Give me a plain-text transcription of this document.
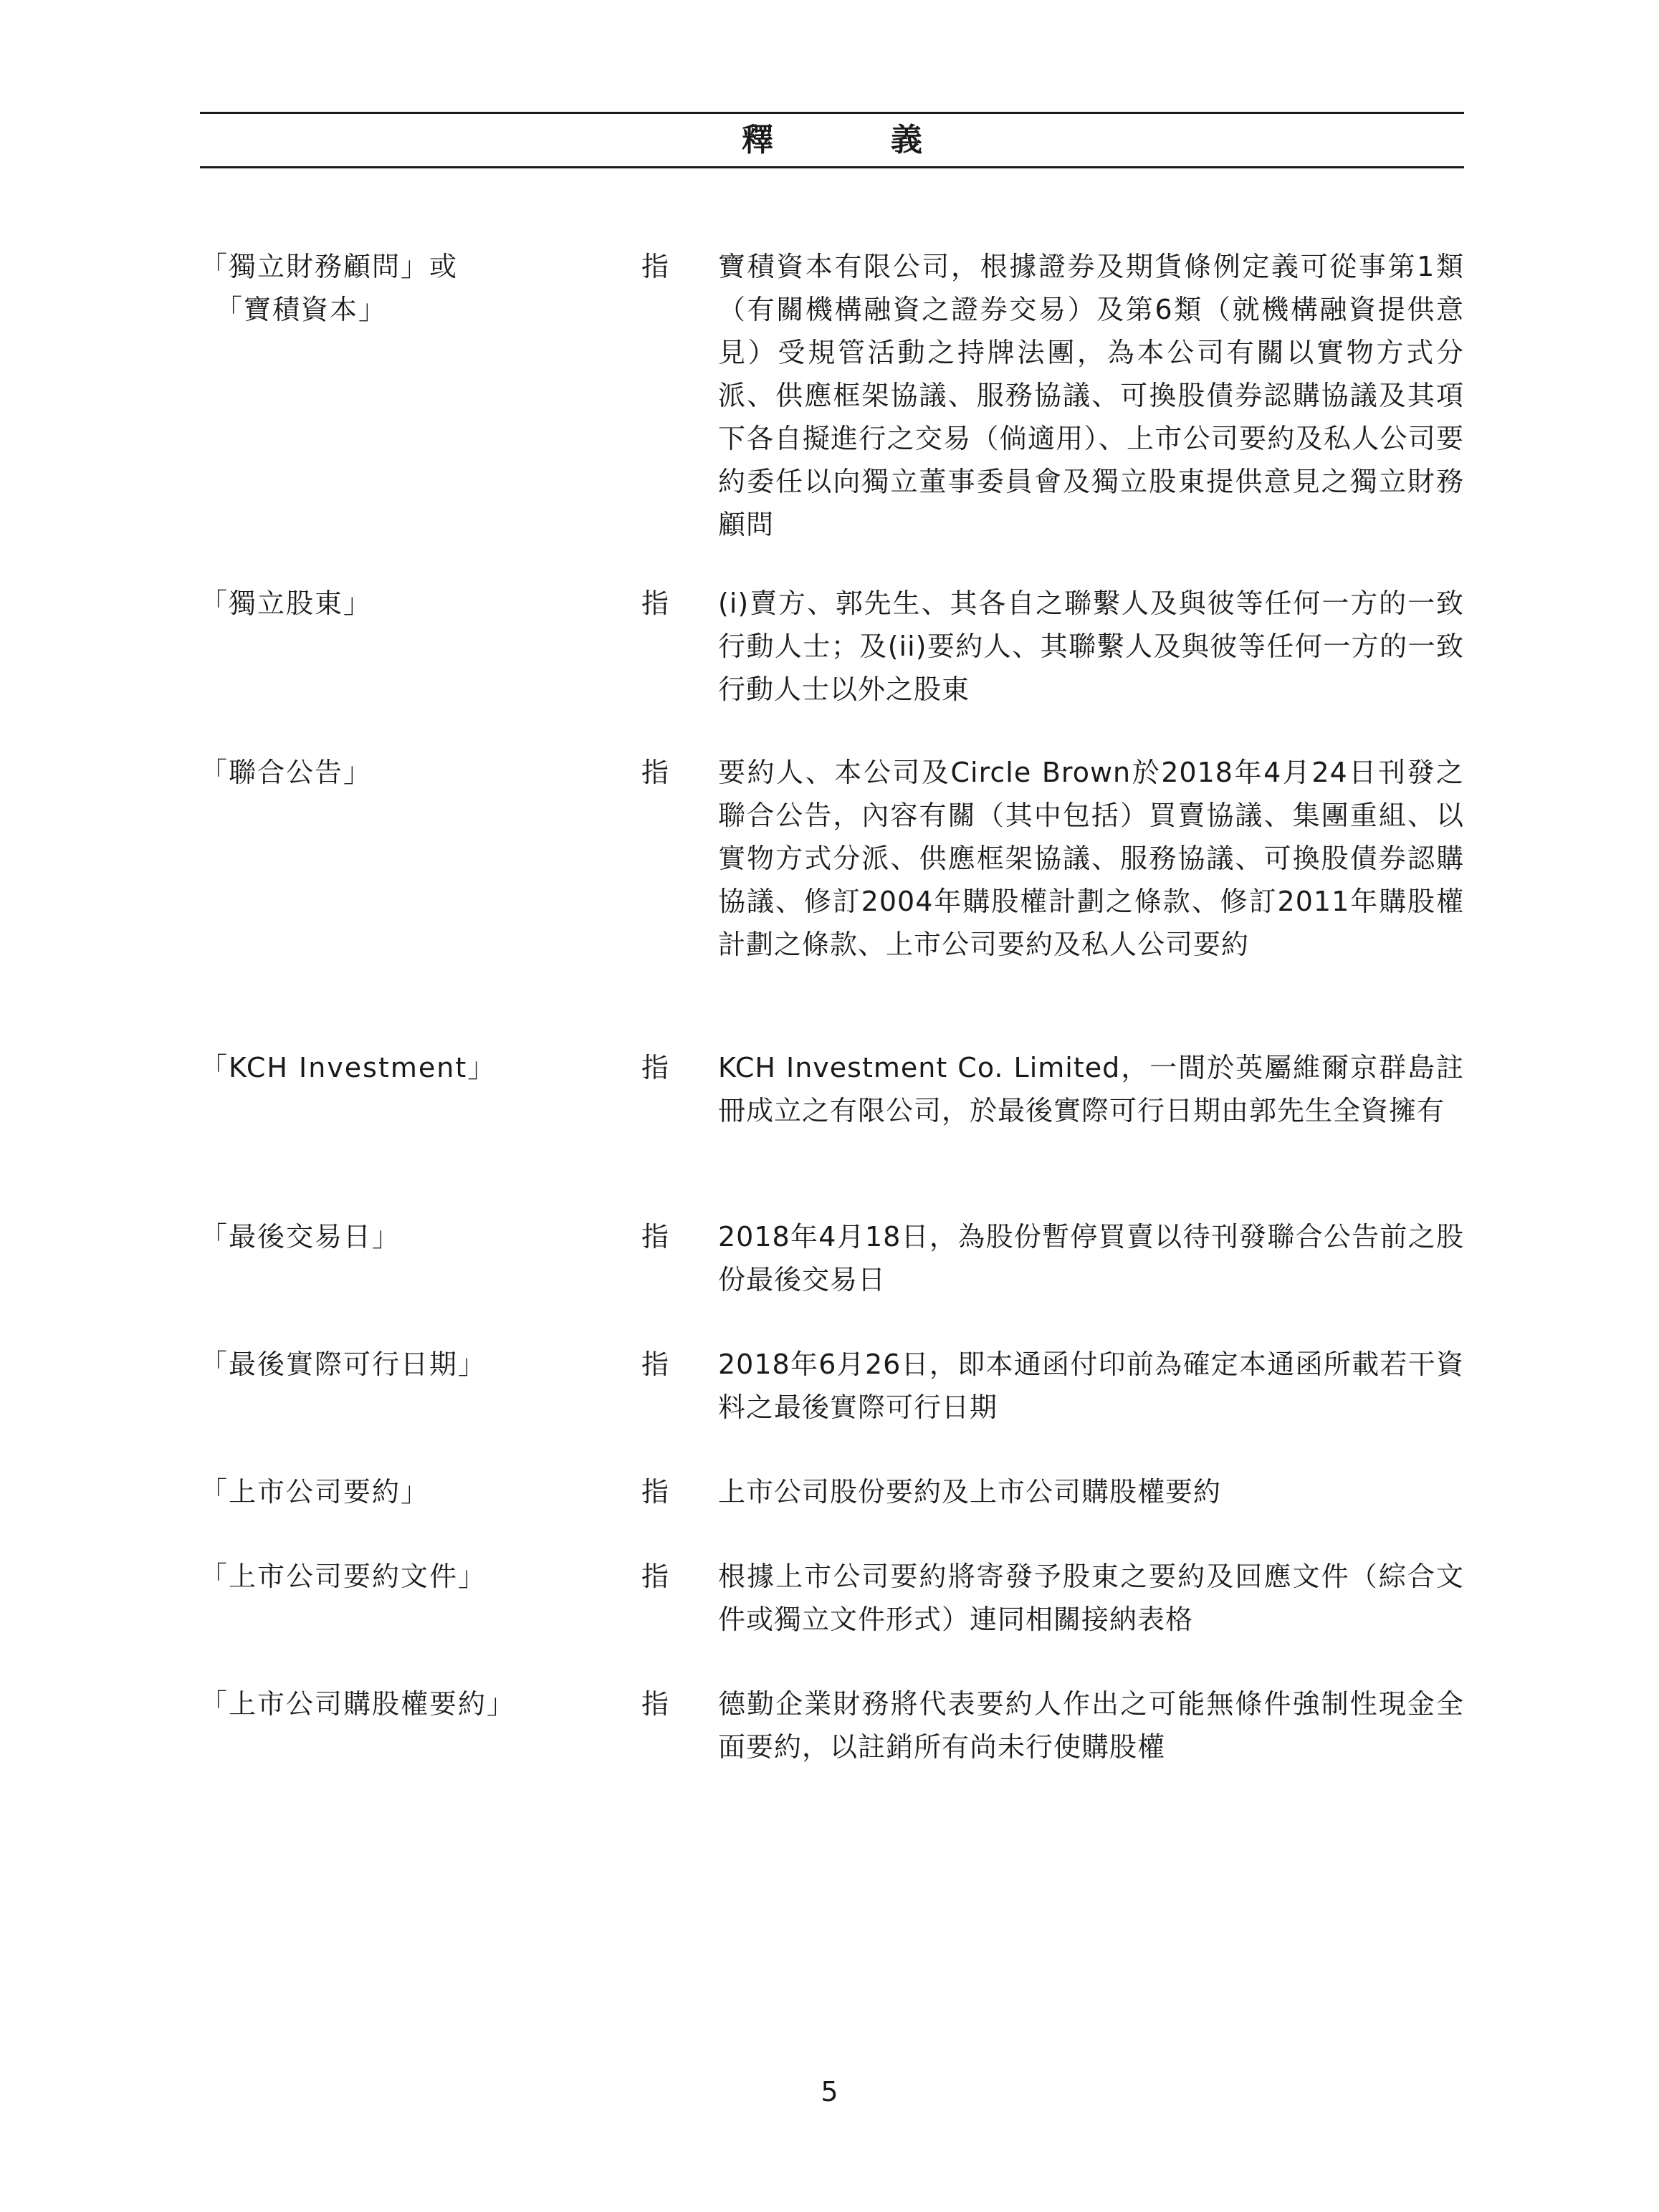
釋　義
「獨立財務顧問」或
　「寶積資本」
指 寶積資本有限公司，根據證券及期貨條例定義可從事第1類（有關機構融資之證券交易）及第6類（就機構融資提供意見）受規管活動之持牌法團，為本公司有關以實物方式分派、供應框架協議、服務協議、可換股債券認購協議及其項下各自擬進行之交易（倘適用）、上市公司要約及私人公司要約委任以向獨立董事委員會及獨立股東提供意見之獨立財務顧問
「獨立股東」	指 (i)賣方、郭先生、其各自之聯繫人及與彼等任何一方的一致行動人士；及(ii)要約人、其聯繫人及與彼等任何一方的一致行動人士以外之股東
「聯合公告」	指 要約人、本公司及Circle Brown於2018年4月24日刊發之聯合公告，內容有關（其中包括）買賣協議、集團重組、以實物方式分派、供應框架協議、服務協議、可換股債券認購協議、修訂2004年購股權計劃之條款、修訂2011年購股權計劃之條款、上市公司要約及私人公司要約
「KCH Investment」	指 KCH Investment Co. Limited，一間於英屬維爾京群島註冊成立之有限公司，於最後實際可行日期由郭先生全資擁有
「最後交易日」	指 2018年4月18日，為股份暫停買賣以待刊發聯合公告前之股份最後交易日
「最後實際可行日期」	指 2018年6月26日，即本通函付印前為確定本通函所載若干資料之最後實際可行日期
「上市公司要約」	指 上市公司股份要約及上市公司購股權要約
「上市公司要約文件」	指 根據上市公司要約將寄發予股東之要約及回應文件（綜合文件或獨立文件形式）連同相關接納表格
「上市公司購股權要約」	指 德勤企業財務將代表要約人作出之可能無條件強制性現金全面要約，以註銷所有尚未行使購股權
5
